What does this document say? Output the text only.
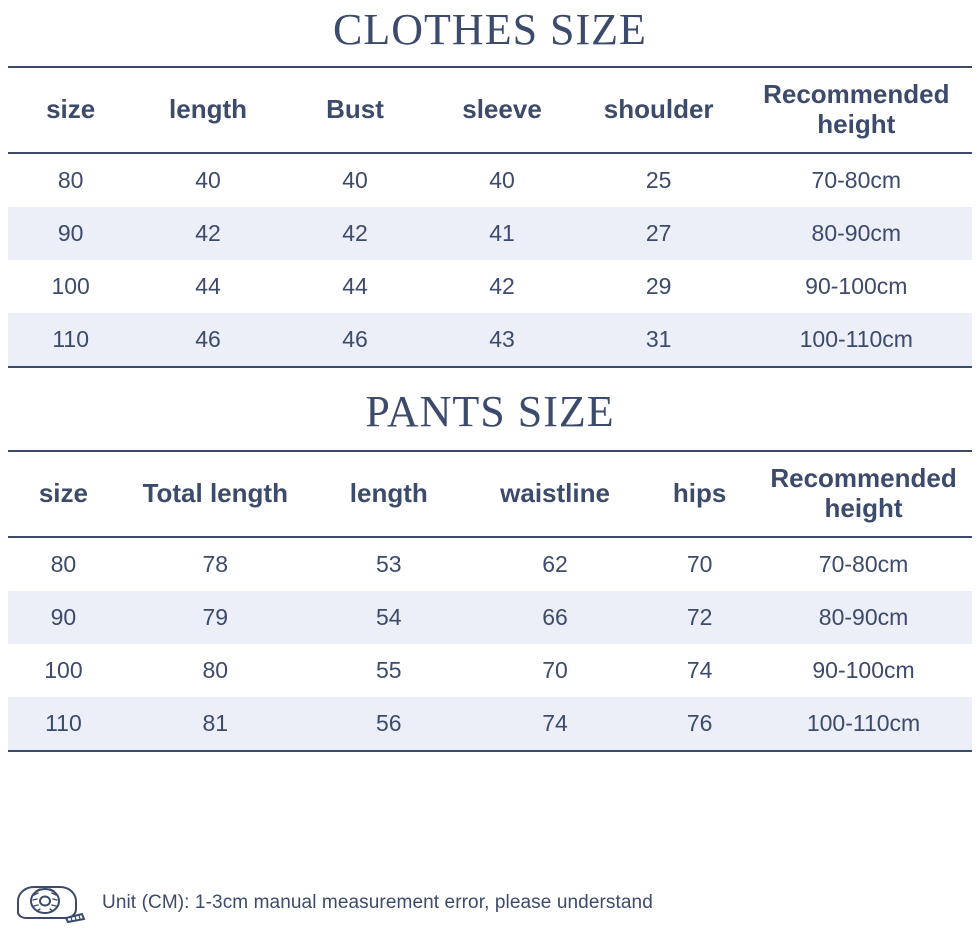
CLOTHES SIZE
size	length	Bust	sleeve	shoulder	Recommended height
80	40	40	40	25	70-80cm
90	42	42	41	27	80-90cm
100	44	44	42	29	90-100cm
110	46	46	43	31	100-110cm
PANTS SIZE
size	Total length	length	waistline	hips	Recommended height
80	78	53	62	70	70-80cm
90	79	54	66	72	80-90cm
100	80	55	70	74	90-100cm
110	81	56	74	76	100-110cm
Unit (CM): 1-3cm manual measurement error, please understand
